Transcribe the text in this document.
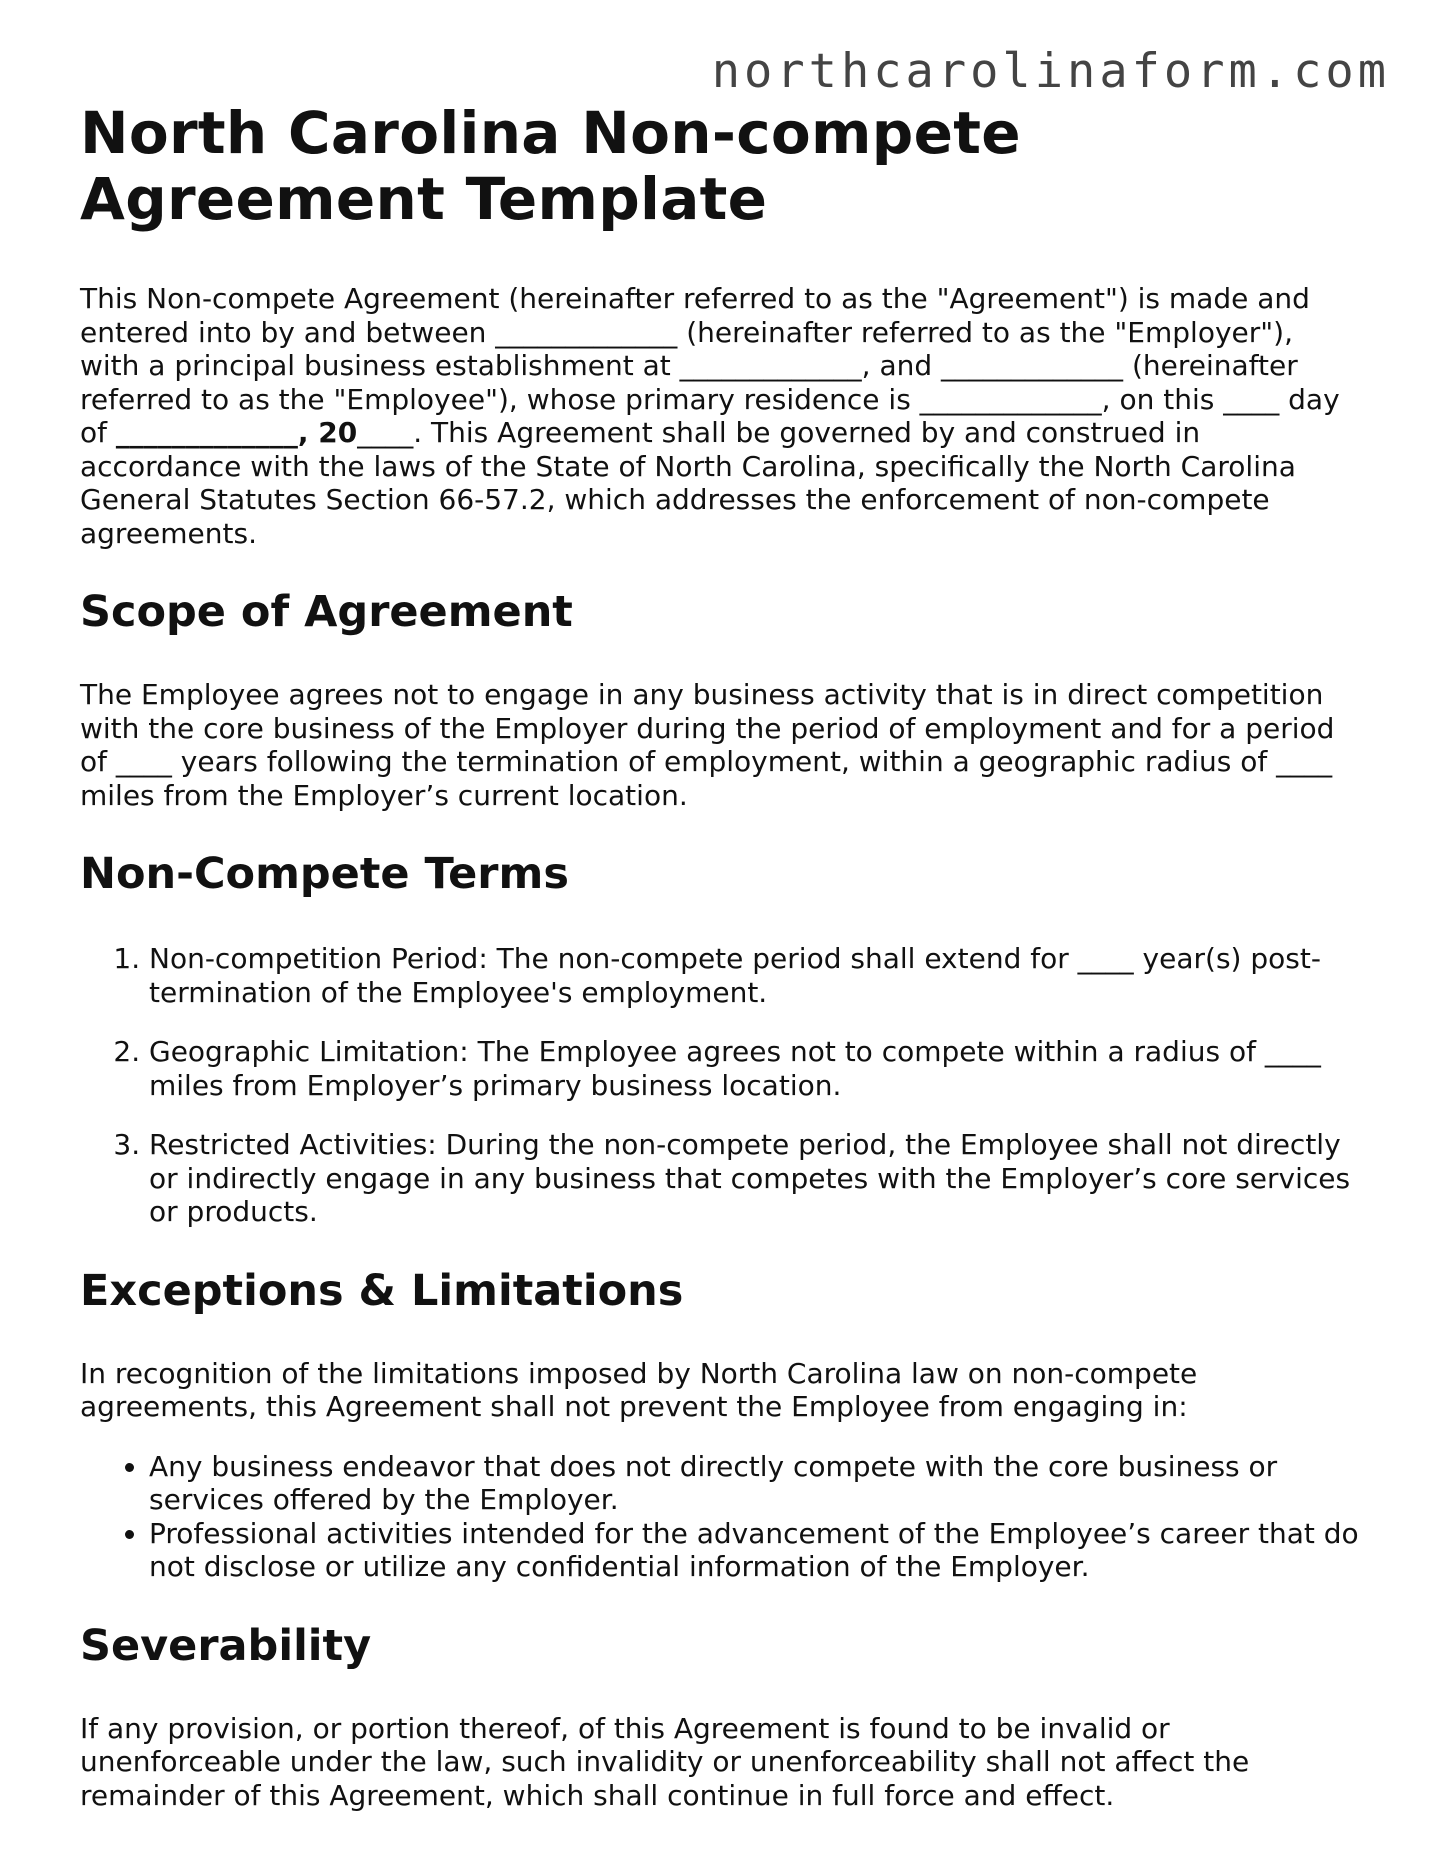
northcarolinaform.com
North Carolina Non-compete
Agreement Template

This Non-compete Agreement (hereinafter referred to as the "Agreement") is made and entered into by and between _____________ (hereinafter referred to as the "Employer"), with a principal business establishment at _____________, and _____________ (hereinafter referred to as the "Employee"), whose primary residence is _____________, on this ____ day of _____________, 20____. This Agreement shall be governed by and construed in accordance with the laws of the State of North Carolina, specifically the North Carolina General Statutes Section 66-57.2, which addresses the enforcement of non-compete agreements.

Scope of Agreement

The Employee agrees not to engage in any business activity that is in direct competition with the core business of the Employer during the period of employment and for a period of ____ years following the termination of employment, within a geographic radius of ____ miles from the Employer’s current location.

Non-Compete Terms
1. Non-competition Period: The non-compete period shall extend for ____ year(s) post-termination of the Employee's employment.
2. Geographic Limitation: The Employee agrees not to compete within a radius of ____ miles from Employer’s primary business location.
3. Restricted Activities: During the non-compete period, the Employee shall not directly or indirectly engage in any business that competes with the Employer’s core services or products.
Exceptions & Limitations

In recognition of the limitations imposed by North Carolina law on non-compete agreements, this Agreement shall not prevent the Employee from engaging in:

• Any business endeavor that does not directly compete with the core business or services offered by the Employer.
• Professional activities intended for the advancement of the Employee’s career that do not disclose or utilize any confidential information of the Employer.
Severability

If any provision, or portion thereof, of this Agreement is found to be invalid or unenforceable under the law, such invalidity or unenforceability shall not affect the remainder of this Agreement, which shall continue in full force and effect.
